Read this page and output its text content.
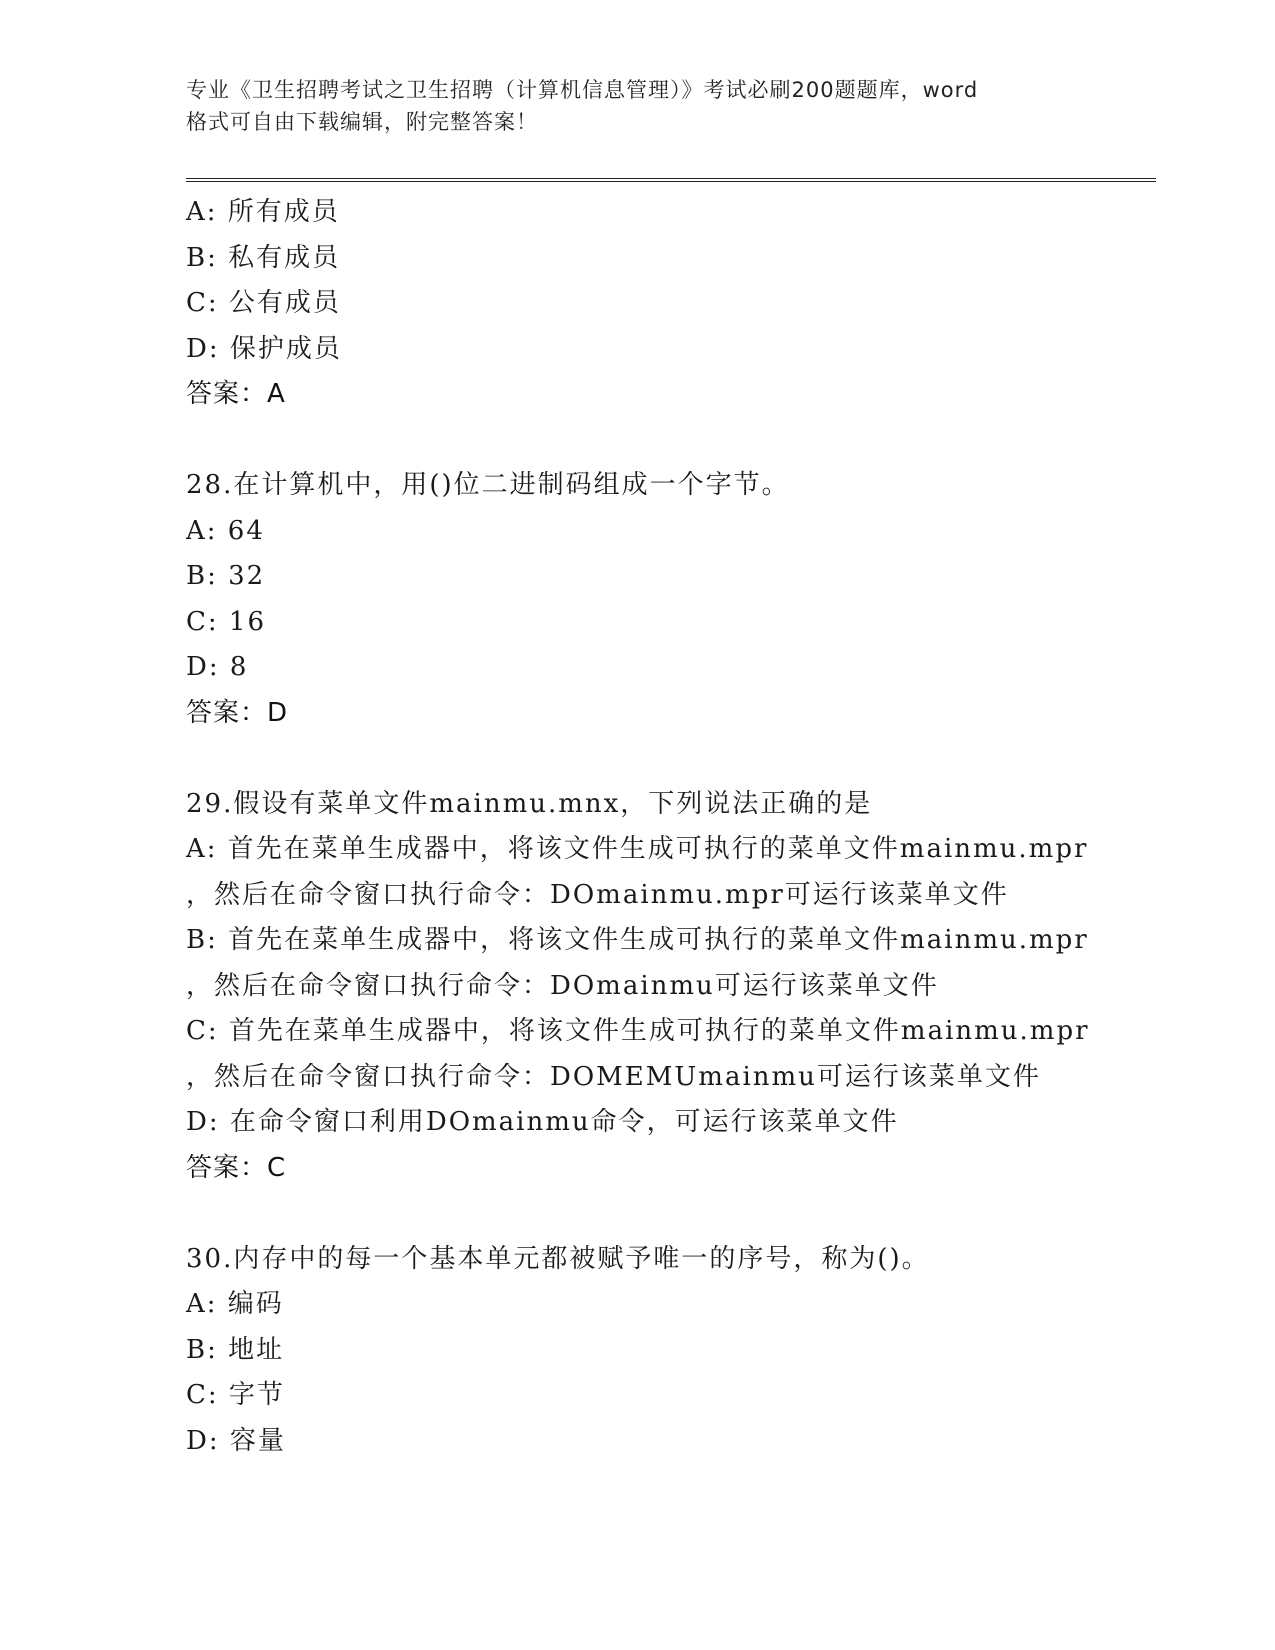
专业《卫生招聘考试之卫生招聘（计算机信息管理）》考试必刷200题题库，word
格式可自由下载编辑，附完整答案！
A: 所有成员
B: 私有成员
C: 公有成员
D: 保护成员
答案：A
28.在计算机中，用()位二进制码组成一个字节。
A: 64
B: 32
C: 16
D: 8
答案：D
29.假设有菜单文件mainmu.mnx，下列说法正确的是
A: 首先在菜单生成器中，将该文件生成可执行的菜单文件mainmu.mpr
，然后在命令窗口执行命令：DOmainmu.mpr可运行该菜单文件
B: 首先在菜单生成器中，将该文件生成可执行的菜单文件mainmu.mpr
，然后在命令窗口执行命令：DOmainmu可运行该菜单文件
C: 首先在菜单生成器中，将该文件生成可执行的菜单文件mainmu.mpr
，然后在命令窗口执行命令：DOMEMUmainmu可运行该菜单文件
D: 在命令窗口利用DOmainmu命令，可运行该菜单文件
答案：C
30.内存中的每一个基本单元都被赋予唯一的序号，称为()。
A: 编码
B: 地址
C: 字节
D: 容量
